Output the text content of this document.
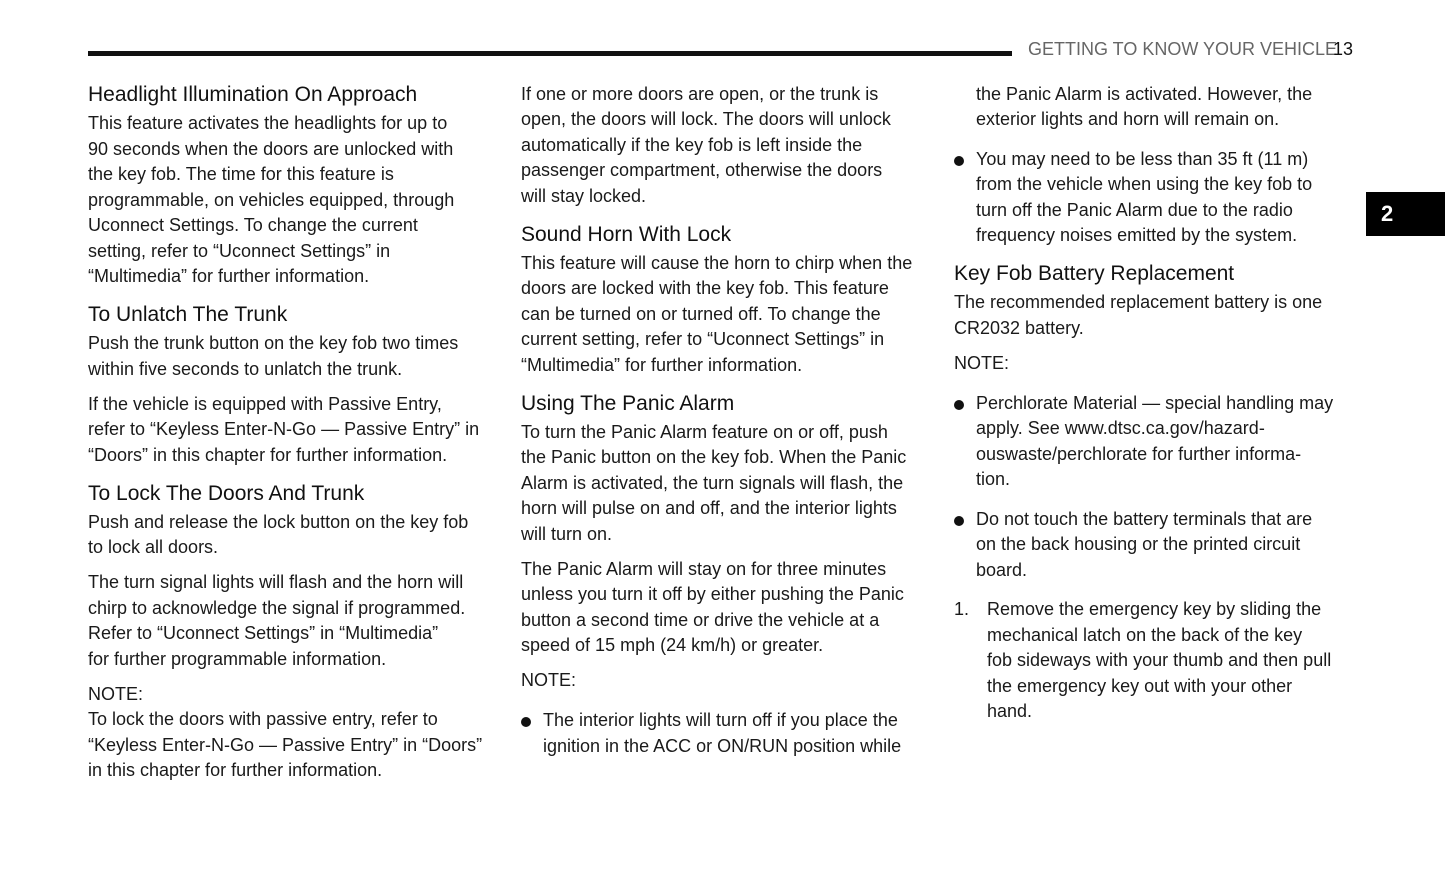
GETTING TO KNOW YOUR VEHICLE
13
2
Headlight Illumination On Approach

This feature activates the headlights for up to
90 seconds when the doors are unlocked with
the key fob. The time for this feature is
programmable, on vehicles equipped, through
Uconnect Settings. To change the current
setting, refer to “Uconnect Settings” in
“Multimedia” for further information.

To Unlatch The Trunk

Push the trunk button on the key fob two times
within five seconds to unlatch the trunk.

If the vehicle is equipped with Passive Entry,
refer to “Keyless Enter-N-Go — Passive Entry” in
“Doors” in this chapter for further information.

To Lock The Doors And Trunk

Push and release the lock button on the key fob
to lock all doors.

The turn signal lights will flash and the horn will
chirp to acknowledge the signal if programmed.
Refer to “Uconnect Settings” in “Multimedia”
for further programmable information.

NOTE:

To lock the doors with passive entry, refer to
“Keyless Enter-N-Go — Passive Entry” in “Doors”
in this chapter for further information.

If one or more doors are open, or the trunk is
open, the doors will lock. The doors will unlock
automatically if the key fob is left inside the
passenger compartment, otherwise the doors
will stay locked.

Sound Horn With Lock

This feature will cause the horn to chirp when the
doors are locked with the key fob. This feature
can be turned on or turned off. To change the
current setting, refer to “Uconnect Settings” in
“Multimedia” for further information.

Using The Panic Alarm

To turn the Panic Alarm feature on or off, push
the Panic button on the key fob. When the Panic
Alarm is activated, the turn signals will flash, the
horn will pulse on and off, and the interior lights
will turn on.

The Panic Alarm will stay on for three minutes
unless you turn it off by either pushing the Panic
button a second time or drive the vehicle at a
speed of 15 mph (24 km/h) or greater.

NOTE:

The interior lights will turn off if you place the
ignition in the ACC or ON/RUN position while
the Panic Alarm is activated. However, the
exterior lights and horn will remain on.
You may need to be less than 35 ft (11 m)
from the vehicle when using the key fob to
turn off the Panic Alarm due to the radio
frequency noises emitted by the system.
Key Fob Battery Replacement

The recommended replacement battery is one
CR2032 battery.

NOTE:

Perchlorate Material — special handling may
apply. See www.dtsc.ca.gov/hazard-
ouswaste/perchlorate for further informa-
tion.
Do not touch the battery terminals that are
on the back housing or the printed circuit
board.
1. Remove the emergency key by sliding the
mechanical latch on the back of the key
fob sideways with your thumb and then pull
the emergency key out with your other
hand.
